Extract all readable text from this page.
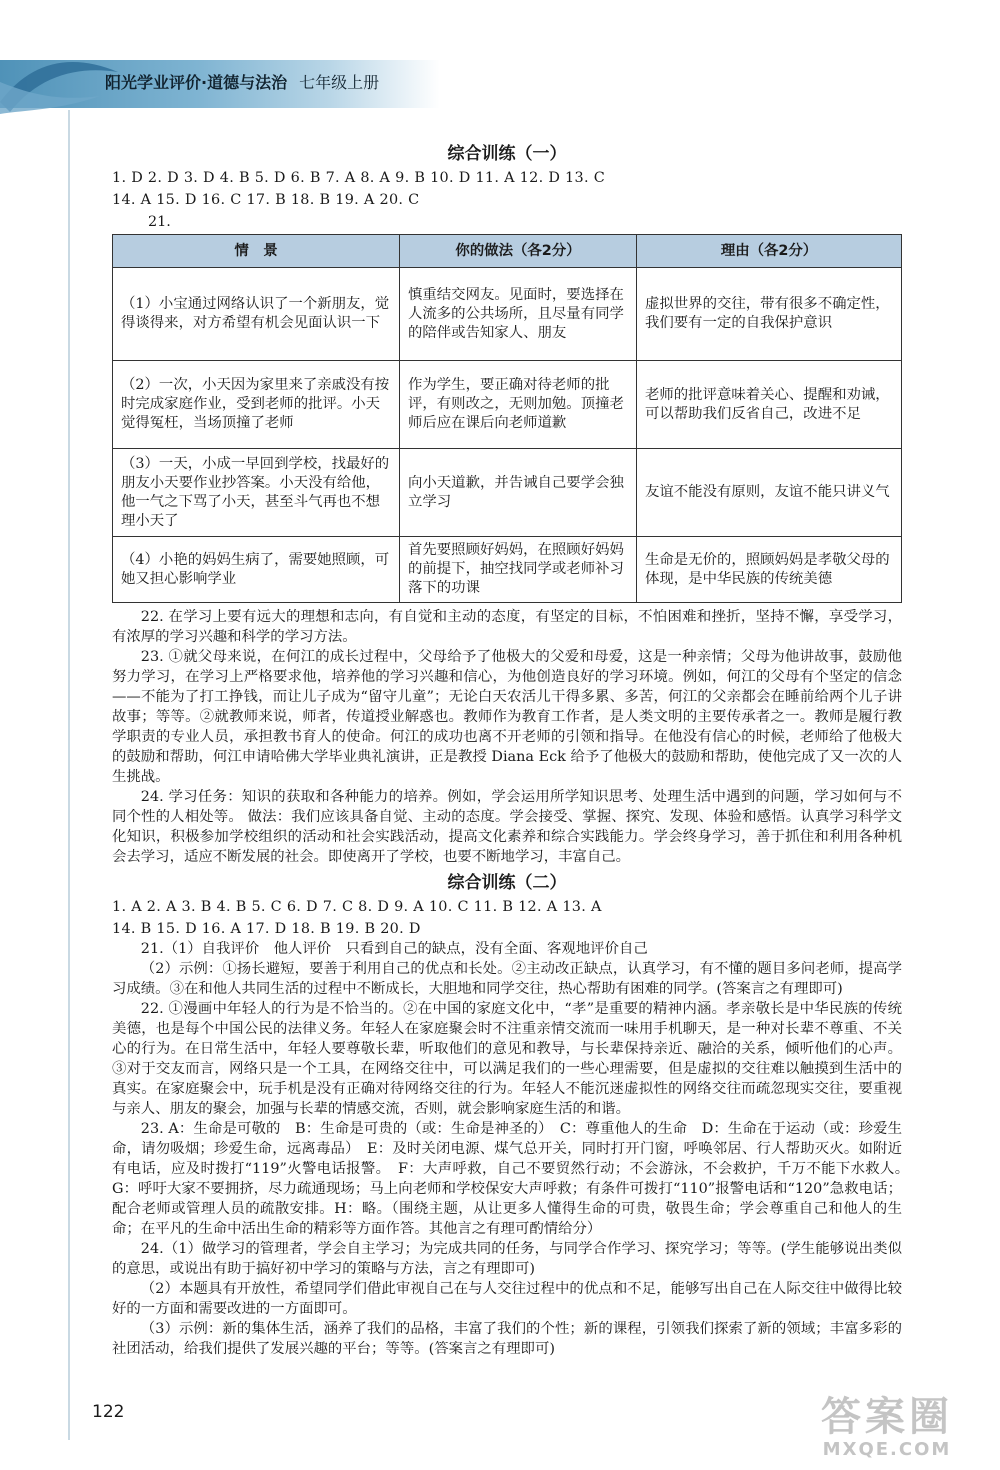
阳光学业评价·道德与法治 七年级上册
综合训练（一）
1. D 2. D 3. D 4. B 5. D 6. B 7. A 8. A 9. B 10. D 11. A 12. D 13. C
14. A 15. D 16. C 17. B 18. B 19. A 20. C
21.
情　景	你的做法（各2分）	理由（各2分）
（1）小宝通过网络认识了一个新朋友，觉得谈得来，对方希望有机会见面认识一下	慎重结交网友。见面时，要选择在人流多的公共场所，且尽量有同学的陪伴或告知家人、朋友	虚拟世界的交往，带有很多不确定性，我们要有一定的自我保护意识
（2）一次，小天因为家里来了亲戚没有按时完成家庭作业，受到老师的批评。小天觉得冤枉，当场顶撞了老师	作为学生，要正确对待老师的批评，有则改之，无则加勉。顶撞老师后应在课后向老师道歉	老师的批评意味着关心、提醒和劝诫，可以帮助我们反省自己，改进不足
（3）一天，小成一早回到学校，找最好的朋友小天要作业抄答案。小天没有给他，他一气之下骂了小天，甚至斗气再也不想理小天了	向小天道歉，并告诫自己要学会独立学习	友谊不能没有原则，友谊不能只讲义气
（4）小艳的妈妈生病了，需要她照顾，可她又担心影响学业	首先要照顾好妈妈，在照顾好妈妈的前提下，抽空找同学或老师补习落下的功课	生命是无价的，照顾妈妈是孝敬父母的体现，是中华民族的传统美德

22. 在学习上要有远大的理想和志向，有自觉和主动的态度，有坚定的目标，不怕困难和挫折，坚持不懈，享受学习，有浓厚的学习兴趣和科学的学习方法。

23. ①就父母来说，在何江的成长过程中，父母给予了他极大的父爱和母爱，这是一种亲情；父母为他讲故事，鼓励他努力学习，在学习上严格要求他，培养他的学习兴趣和信心，为他创造良好的学习环境。例如，何江的父母有个坚定的信念——不能为了打工挣钱，而让儿子成为“留守儿童”；无论白天农活儿干得多累、多苦，何江的父亲都会在睡前给两个儿子讲故事；等等。②就教师来说，师者，传道授业解惑也。教师作为教育工作者，是人类文明的主要传承者之一。教师是履行教学职责的专业人员，承担教书育人的使命。何江的成功也离不开老师的引领和指导。在他没有信心的时候，老师给了他极大的鼓励和帮助，何江申请哈佛大学毕业典礼演讲，正是教授 Diana Eck 给予了他极大的鼓励和帮助，使他完成了又一次的人生挑战。

24. 学习任务：知识的获取和各种能力的培养。例如，学会运用所学知识思考、处理生活中遇到的问题，学习如何与不同个性的人相处等。 做法：我们应该具备自觉、主动的态度。学会接受、掌握、探究、发现、体验和感悟。认真学习科学文化知识，积极参加学校组织的活动和社会实践活动，提高文化素养和综合实践能力。学会终身学习，善于抓住和利用各种机会去学习，适应不断发展的社会。即使离开了学校，也要不断地学习，丰富自己。

综合训练（二）
1. A 2. A 3. B 4. B 5. C 6. D 7. C 8. D 9. A 10. C 11. B 12. A 13. A
14. B 15. D 16. A 17. D 18. B 19. B 20. D

21.（1）自我评价　他人评价　只看到自己的缺点，没有全面、客观地评价自己

（2）示例：①扬长避短，要善于利用自己的优点和长处。②主动改正缺点，认真学习，有不懂的题目多问老师，提高学习成绩。③在和他人共同生活的过程中不断成长，大胆地和同学交往，热心帮助有困难的同学。(答案言之有理即可)

22. ①漫画中年轻人的行为是不恰当的。②在中国的家庭文化中，“孝”是重要的精神内涵。孝亲敬长是中华民族的传统美德，也是每个中国公民的法律义务。年轻人在家庭聚会时不注重亲情交流而一味用手机聊天，是一种对长辈不尊重、不关心的行为。在日常生活中，年轻人要尊敬长辈，听取他们的意见和教导，与长辈保持亲近、融洽的关系，倾听他们的心声。③对于交友而言，网络只是一个工具，在网络交往中，可以满足我们的一些心理需要，但是虚拟的交往难以触摸到生活中的真实。在家庭聚会中，玩手机是没有正确对待网络交往的行为。年轻人不能沉迷虚拟性的网络交往而疏忽现实交往，要重视与亲人、朋友的聚会，加强与长辈的情感交流，否则，就会影响家庭生活的和谐。

23. A：生命是可敬的　B：生命是可贵的（或：生命是神圣的）　C：尊重他人的生命　D：生命在于运动（或：珍爱生命，请勿吸烟；珍爱生命，远离毒品）　E：及时关闭电源、煤气总开关，同时打开门窗，呼唤邻居、行人帮助灭火。如附近有电话，应及时拨打“119”火警电话报警。　F：大声呼救，自己不要贸然行动；不会游泳，不会救护，千万不能下水救人。　G：呼吁大家不要拥挤，尽力疏通现场；马上向老师和学校保安大声呼救；有条件可拨打“110”报警电话和“120”急救电话；配合老师或管理人员的疏散安排。H：略。（围绕主题，从让更多人懂得生命的可贵，敬畏生命；学会尊重自己和他人的生命；在平凡的生命中活出生命的精彩等方面作答。其他言之有理可酌情给分）

24.（1）做学习的管理者，学会自主学习；为完成共同的任务，与同学合作学习、探究学习；等等。(学生能够说出类似的意思，或说出有助于搞好初中学习的策略与方法，言之有理即可)

（2）本题具有开放性，希望同学们借此审视自己在与人交往过程中的优点和不足，能够写出自己在人际交往中做得比较好的一方面和需要改进的一方面即可。

（3）示例：新的集体生活，涵养了我们的品格，丰富了我们的个性；新的课程，引领我们探索了新的领域；丰富多彩的社团活动，给我们提供了发展兴趣的平台；等等。(答案言之有理即可)

122	答案圈
MXQE.COM
